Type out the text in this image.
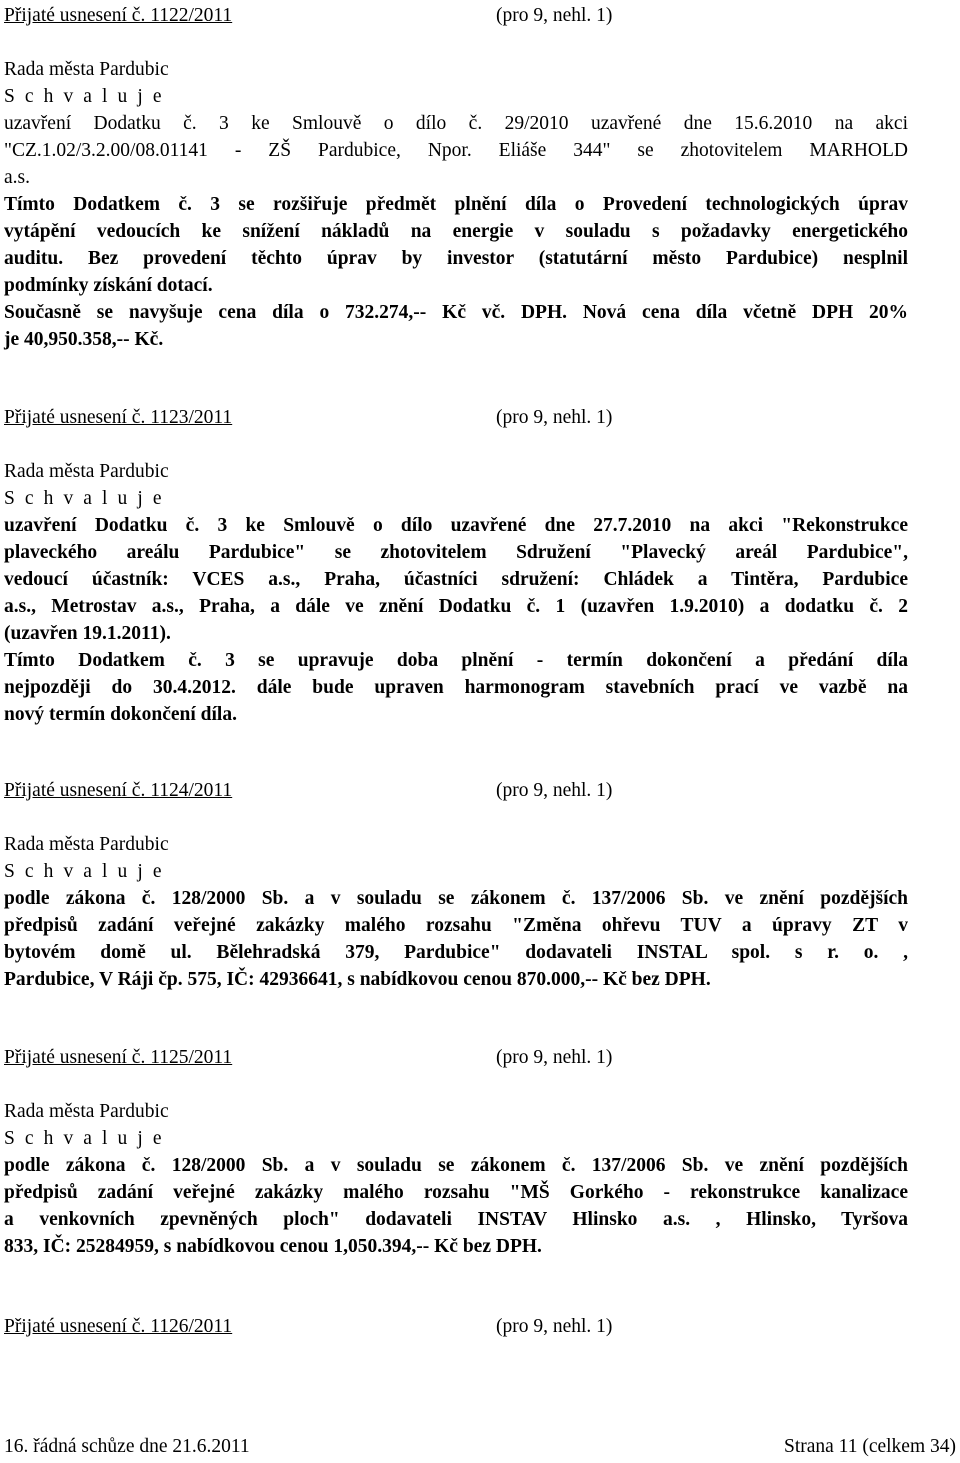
Přijaté usnesení č. 1122/2011	(pro 9, nehl. 1)
Rada města Pardubic
S c h v a l u j e
uzavření Dodatku č. 3 ke Smlouvě o dílo č. 29/2010 uzavřené dne 15.6.2010 na akci
"CZ.1.02/3.2.00/08.01141 - ZŠ Pardubice, Npor. Eliáše 344" se zhotovitelem MARHOLD
a.s.
Tímto Dodatkem č. 3 se rozšiřuje předmět plnění díla o Provedení technologických úprav
vytápění vedoucích ke snížení nákladů na energie v souladu s požadavky energetického
auditu. Bez provedení těchto úprav by investor (statutární město Pardubice) nesplnil
podmínky získání dotací.
Současně se navyšuje cena díla o 732.274,-- Kč vč. DPH. Nová cena díla včetně DPH 20%
je 40,950.358,-- Kč.
Přijaté usnesení č. 1123/2011	(pro 9, nehl. 1)
Rada města Pardubic
S c h v a l u j e
uzavření Dodatku č. 3 ke Smlouvě o dílo uzavřené dne 27.7.2010 na akci "Rekonstrukce
plaveckého areálu Pardubice" se zhotovitelem Sdružení "Plavecký areál Pardubice",
vedoucí účastník: VCES a.s., Praha, účastníci sdružení: Chládek a Tintěra, Pardubice
a.s., Metrostav a.s., Praha, a dále ve znění Dodatku č. 1 (uzavřen 1.9.2010) a dodatku č. 2
(uzavřen 19.1.2011).
Tímto Dodatkem č. 3 se upravuje doba plnění - termín dokončení a předání díla
nejpozději do 30.4.2012. dále bude upraven harmonogram stavebních prací ve vazbě na
nový termín dokončení díla.
Přijaté usnesení č. 1124/2011	(pro 9, nehl. 1)
Rada města Pardubic
S c h v a l u j e
podle zákona č. 128/2000 Sb. a v souladu se zákonem č. 137/2006 Sb. ve znění pozdějších
předpisů zadání veřejné zakázky malého rozsahu "Změna ohřevu TUV a úpravy ZT v
bytovém domě ul. Bělehradská 379, Pardubice" dodavateli INSTAL spol. s r. o. ,
Pardubice, V Ráji čp. 575, IČ: 42936641, s nabídkovou cenou 870.000,-- Kč bez DPH.
Přijaté usnesení č. 1125/2011	(pro 9, nehl. 1)
Rada města Pardubic
S c h v a l u j e
podle zákona č. 128/2000 Sb. a v souladu se zákonem č. 137/2006 Sb. ve znění pozdějších
předpisů zadání veřejné zakázky malého rozsahu "MŠ Gorkého - rekonstrukce kanalizace
a venkovních zpevněných ploch" dodavateli INSTAV Hlinsko a.s. , Hlinsko, Tyršova
833, IČ: 25284959, s nabídkovou cenou 1,050.394,-- Kč bez DPH.
Přijaté usnesení č. 1126/2011	(pro 9, nehl. 1)
16. řádná schůze dne 21.6.2011	Strana 11 (celkem 34)
